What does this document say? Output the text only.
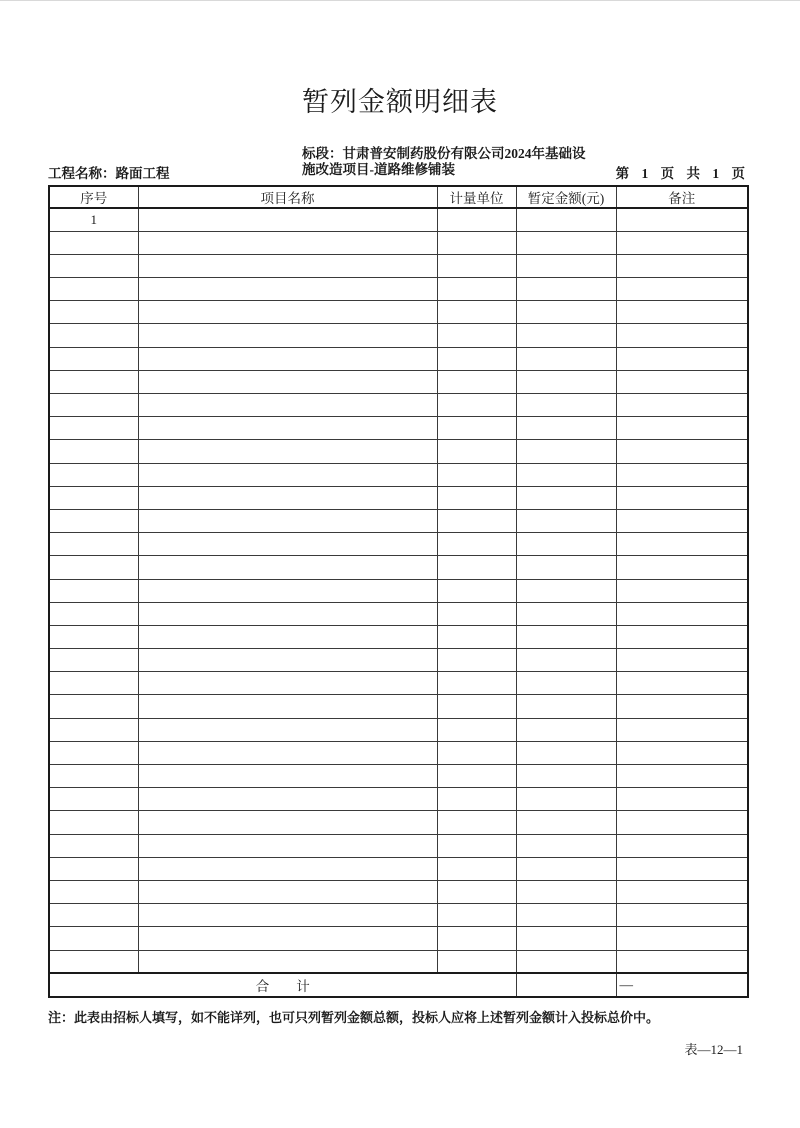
暂列金额明细表
工程名称：路面工程
标段：甘肃普安制药股份有限公司2024年基础设
施改造项目-道路维修铺装	第 1 页 共 1 页
序号	项目名称	计量单位	暂定金额(元)	备注
1				

合　　计				—
注：此表由招标人填写，如不能详列，也可只列暂列金额总额，投标人应将上述暂列金额计入投标总价中。
表—12—1
